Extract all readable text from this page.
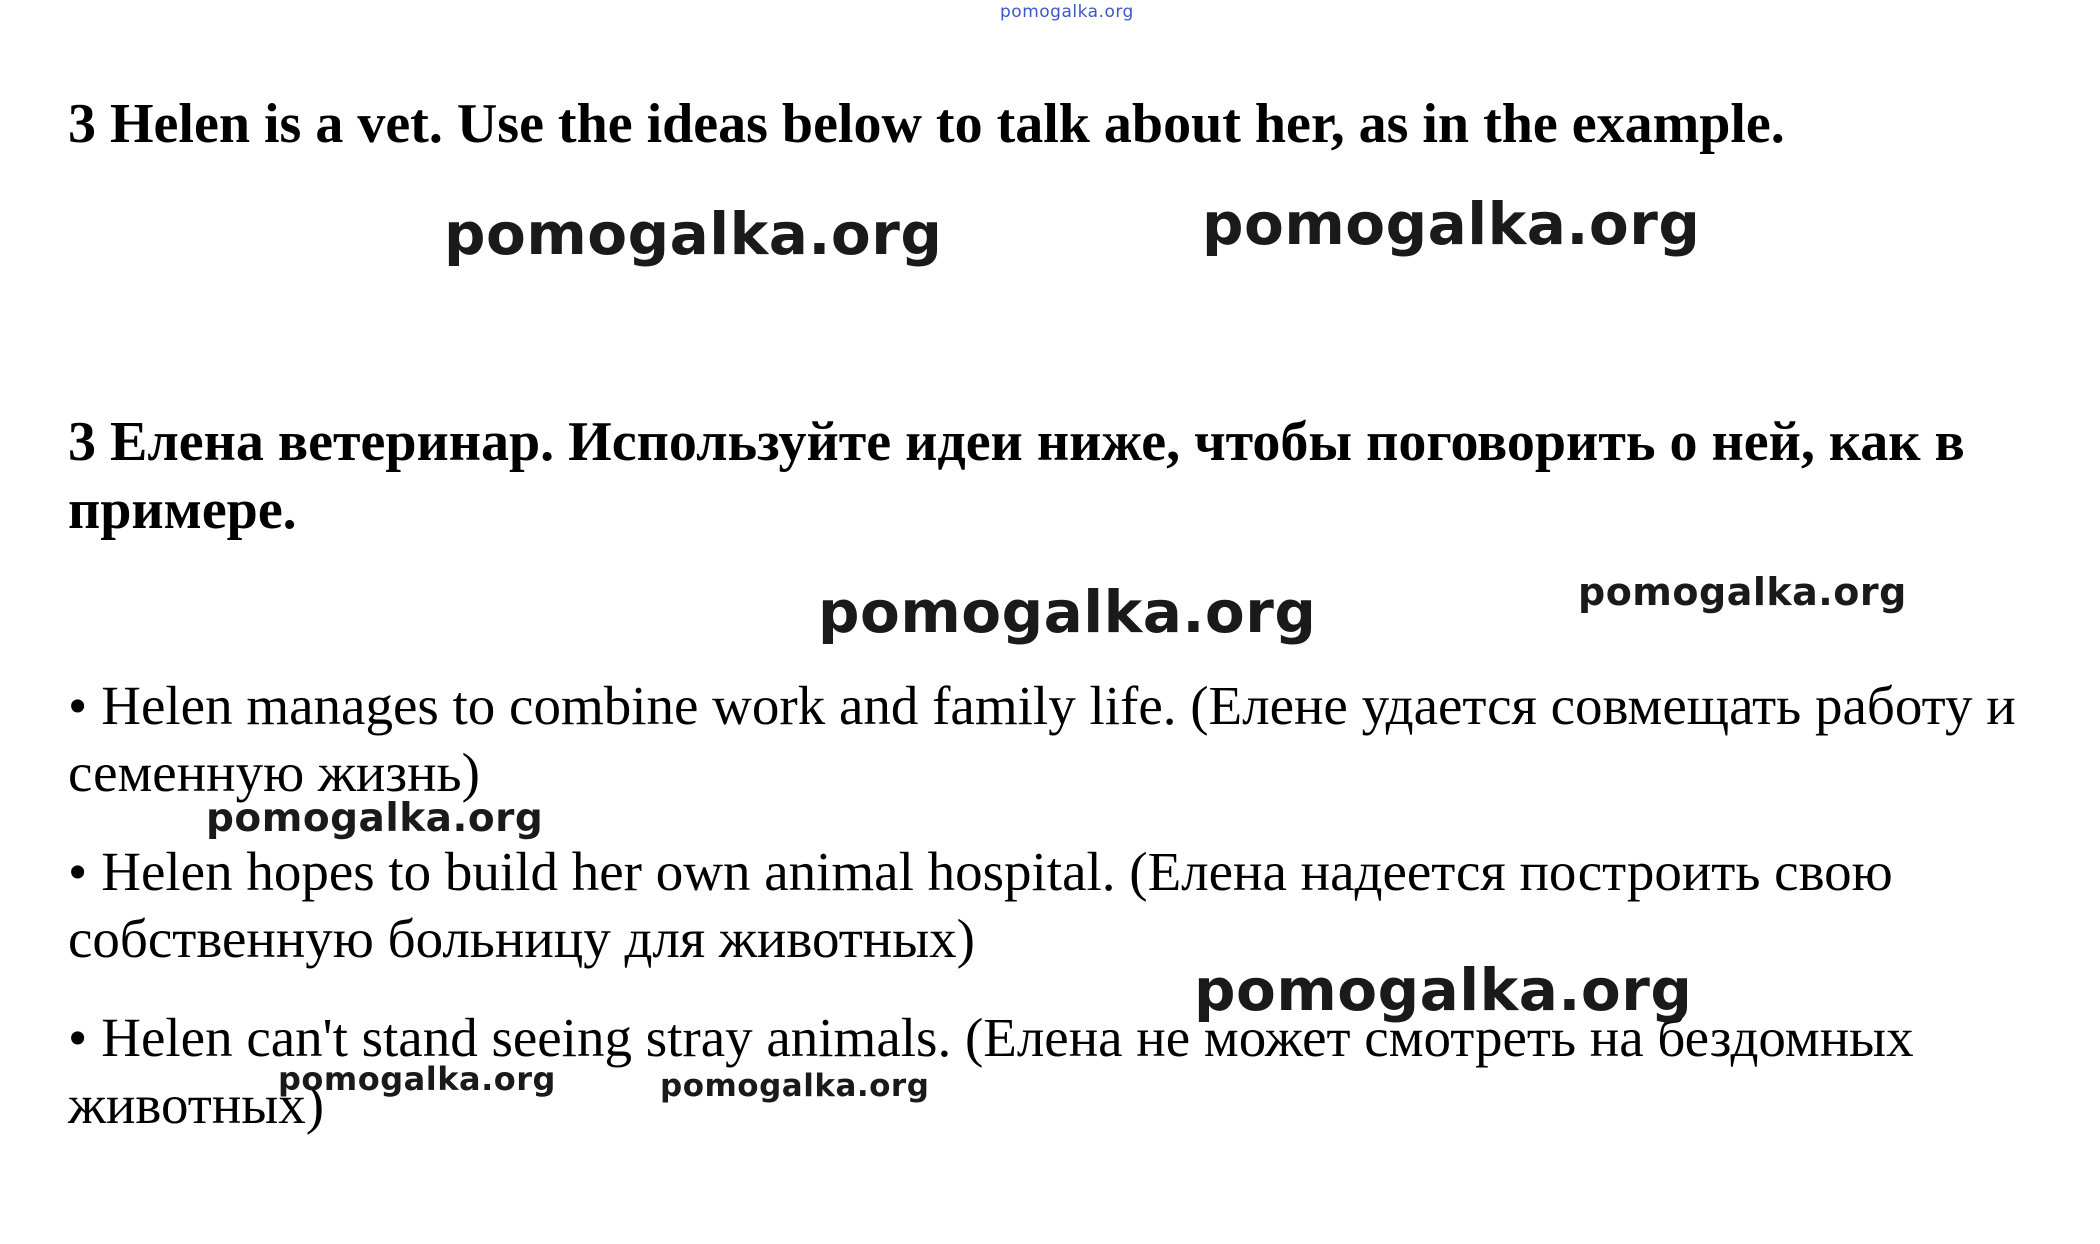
3 Helen is a vet. Use the ideas below to talk about her, as in the example.
3 Елена ветеринар. Используйте идеи ниже, чтобы поговорить о ней, как в примере.
• Helen manages to combine work and family life. (Елене удается совмещать работу и семенную жизнь)
• Helen hopes to build her own animal hospital. (Елена надеется построить свою собственную больницу для животных)
• Helen can't stand seeing stray animals. (Елена не может смотреть на бездомных животных)
pomogalka.org
pomogalka.org	pomogalka.org
pomogalka.org	pomogalka.org
pomogalka.org
pomogalka.org
pomogalka.org	pomogalka.org
